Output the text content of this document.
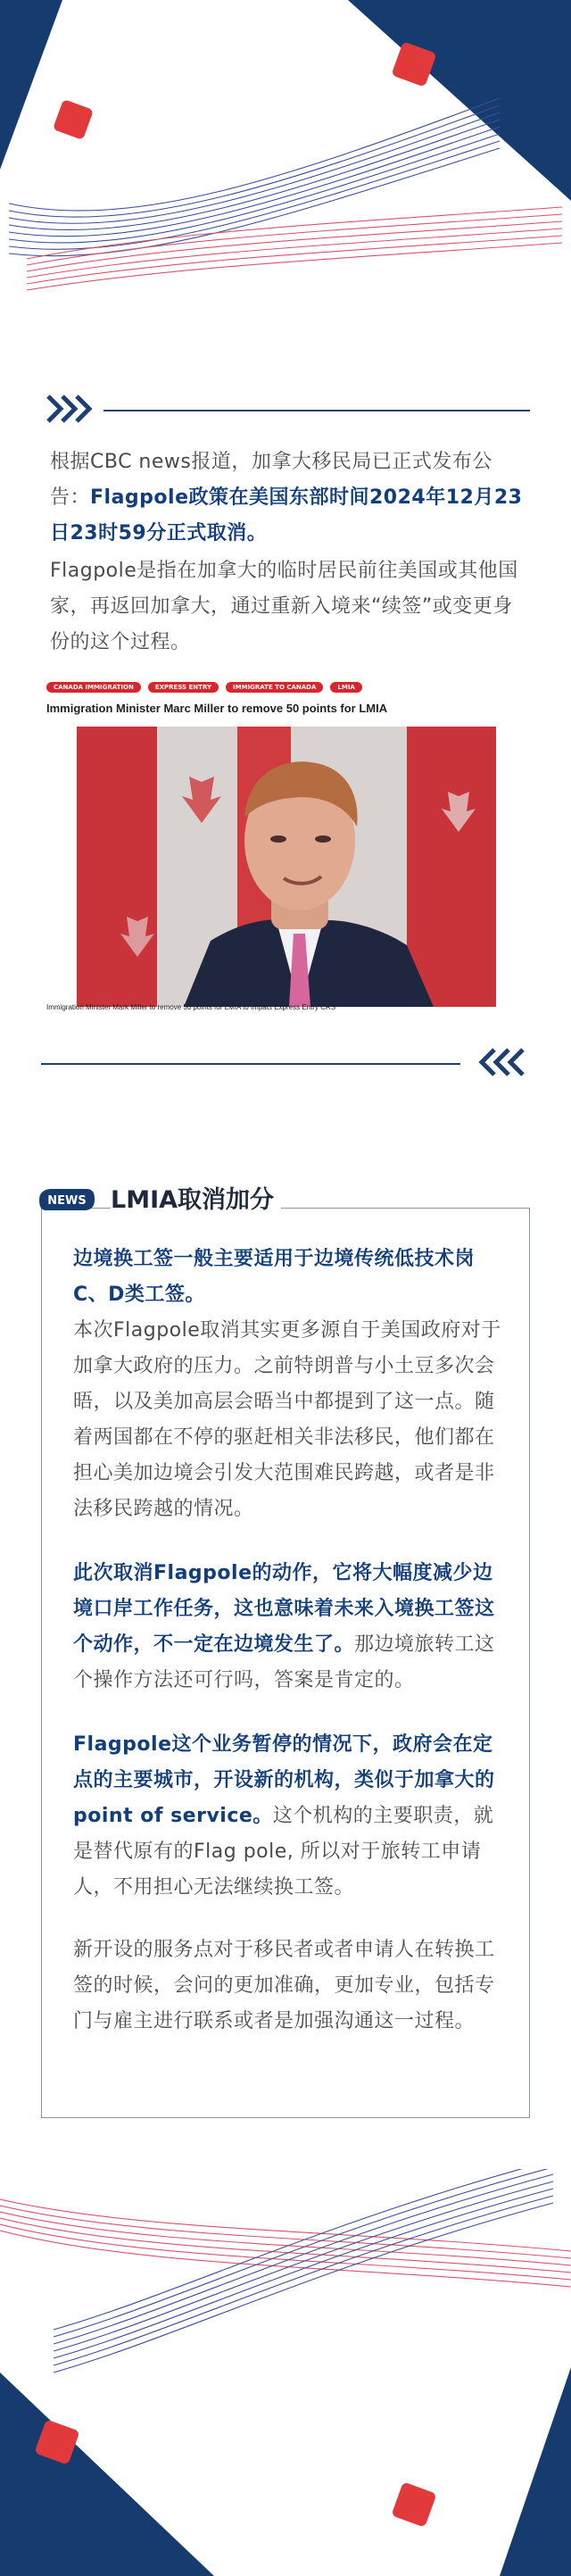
根据CBC news报道，加拿大移民局已正式发布公告：Flagpole政策在美国东部时间2024年12月23日23时59分正式取消。

Flagpole是指在加拿大的临时居民前往美国或其他国家，再返回加拿大，通过重新入境来“续签”或变更身份的这个过程。

CANADA IMMIGRATION	EXPRESS ENTRY	IMMIGRATE TO CANADA	LMIA
Immigration Minister Marc Miller to remove 50 points for LMIA
Immigration Minister Mark Miller to remove 50 points for LMIA to Impact Express Entry CRS
NEWS LMIA取消加分

边境换工签一般主要适用于边境传统低技术岗C、D类工签。

本次Flagpole取消其实更多源自于美国政府对于加拿大政府的压力。之前特朗普与小土豆多次会晤，以及美加高层会晤当中都提到了这一点。随着两国都在不停的驱赶相关非法移民，他们都在担心美加边境会引发大范围难民跨越，或者是非法移民跨越的情况。

此次取消Flagpole的动作，它将大幅度减少边境口岸工作任务，这也意味着未来入境换工签这个动作，不一定在边境发生了。那边境旅转工这个操作方法还可行吗，答案是肯定的。

Flagpole这个业务暂停的情况下，政府会在定点的主要城市，开设新的机构，类似于加拿大的point of service。这个机构的主要职责，就是替代原有的Flag pole, 所以对于旅转工申请人，不用担心无法继续换工签。

新开设的服务点对于移民者或者申请人在转换工签的时候，会问的更加准确，更加专业，包括专门与雇主进行联系或者是加强沟通这一过程。
